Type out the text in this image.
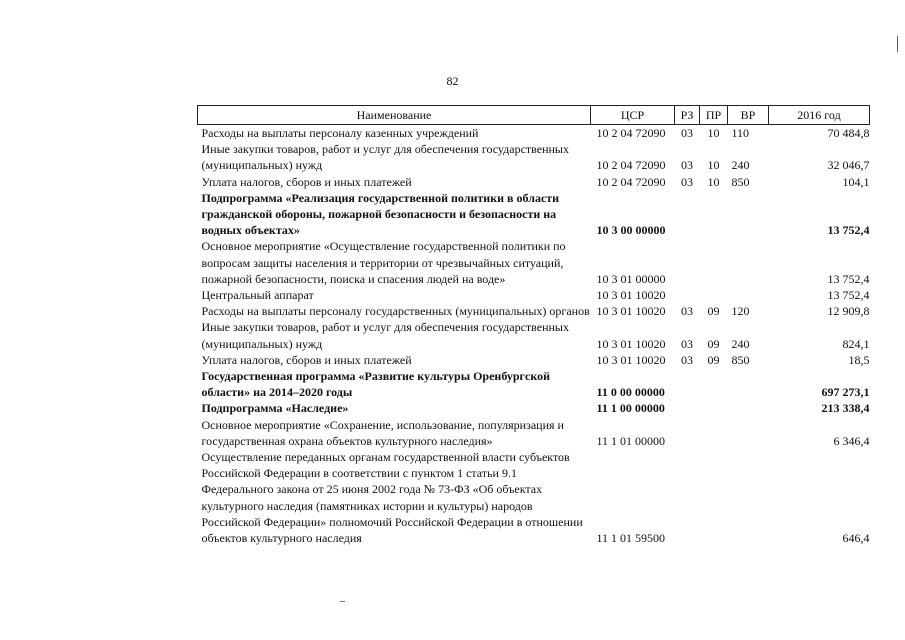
82
Наименование	ЦСР	РЗ	ПР	ВР	2016 год
Расходы на выплаты персоналу казенных учреждений	10 2 04 72090	03	10	110	70 484,8
Иные закупки товаров, работ и услуг для обеспечения государственных (муниципальных) нужд	10 2 04 72090	03	10	240	32 046,7
Уплата налогов, сборов и иных платежей	10 2 04 72090	03	10	850	104,1
Подпрограмма «Реализация государственной политики в области гражданской обороны, пожарной безопасности и безопасности на водных объектах»	10 3 00 00000				13 752,4
Основное мероприятие «Осуществление государственной политики по вопросам защиты населения и территории от чрезвычайных ситуаций, пожарной безопасности, поиска и спасения людей на воде»	10 3 01 00000				13 752,4
Центральный аппарат	10 3 01 10020				13 752,4
Расходы на выплаты персоналу государственных (муниципальных) органов	10 3 01 10020	03	09	120	12 909,8
Иные закупки товаров, работ и услуг для обеспечения государственных (муниципальных) нужд	10 3 01 10020	03	09	240	824,1
Уплата налогов, сборов и иных платежей	10 3 01 10020	03	09	850	18,5
Государственная программа «Развитие культуры Оренбургской области» на 2014–2020 годы	11 0 00 00000				697 273,1
Подпрограмма «Наследие»	11 1 00 00000				213 338,4
Основное мероприятие «Сохранение, использование, популяризация и государственная охрана объектов культурного наследия»	11 1 01 00000				6 346,4
Осуществление переданных органам государственной власти субъектов Российской Федерации в соответствии с пунктом 1 статьи 9.1 Федерального закона от 25 июня 2002 года № 73-ФЗ «Об объектах культурного наследия (памятниках истории и культуры) народов Российской Федерации» полномочий Российской Федерации в отношении объектов культурного наследия	11 1 01 59500				646,4
